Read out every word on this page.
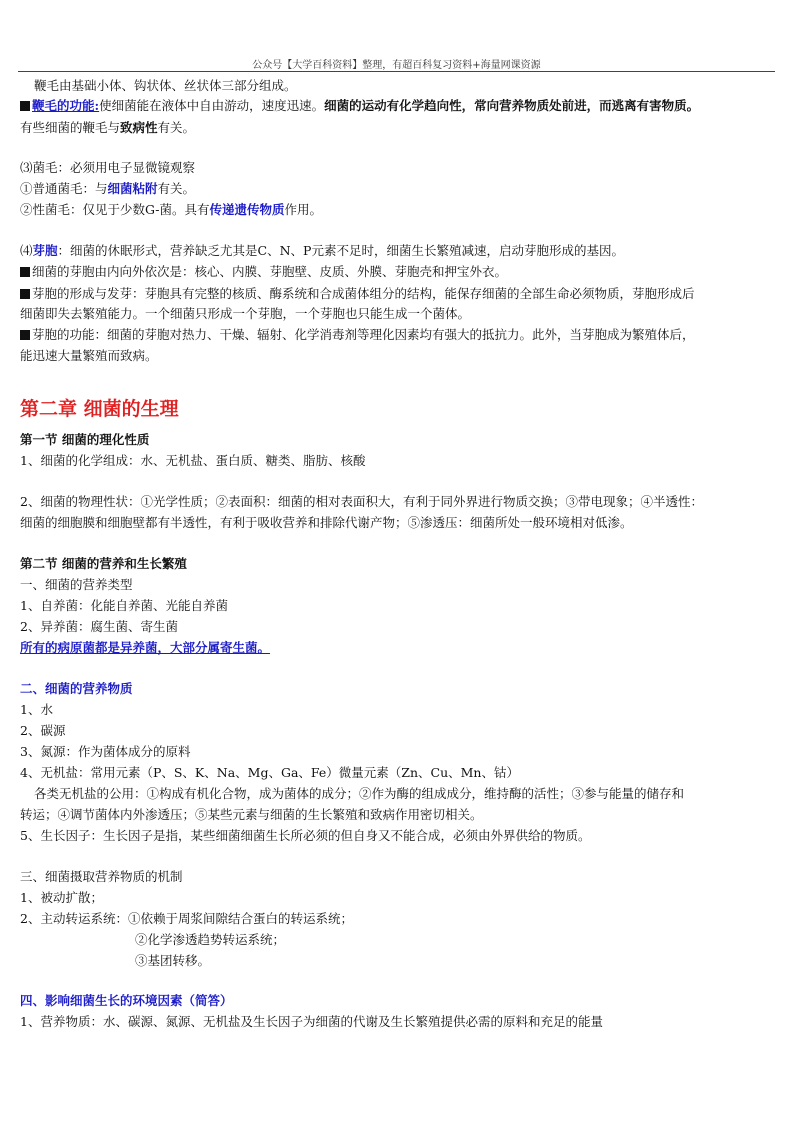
公众号【大学百科资料】整理，有超百科复习资料+海量网课资源
鞭毛由基础小体、钩状体、丝状体三部分组成。
鞭毛的功能:使细菌能在液体中自由游动，速度迅速。细菌的运动有化学趋向性，常向营养物质处前进，而逃离有害物质。
有些细菌的鞭毛与致病性有关。
⑶菌毛：必须用电子显微镜观察
①普通菌毛：与细菌粘附有关。
②性菌毛：仅见于少数G-菌。具有传递遗传物质作用。
⑷芽胞：细菌的休眠形式，营养缺乏尤其是C、N、P元素不足时，细菌生长繁殖减速，启动芽胞形成的基因。
细菌的芽胞由内向外依次是：核心、内膜、芽胞壁、皮质、外膜、芽胞壳和押宝外衣。
芽胞的形成与发芽：芽胞具有完整的核质、酶系统和合成菌体组分的结构，能保存细菌的全部生命必须物质，芽胞形成后
细菌即失去繁殖能力。一个细菌只形成一个芽胞，一个芽胞也只能生成一个菌体。
芽胞的功能：细菌的芽胞对热力、干燥、辐射、化学消毒剂等理化因素均有强大的抵抗力。此外，当芽胞成为繁殖体后，
能迅速大量繁殖而致病。
第二章 细菌的生理
第一节 细菌的理化性质
1、细菌的化学组成：水、无机盐、蛋白质、糖类、脂肪、核酸
2、细菌的物理性状：①光学性质；②表面积：细菌的相对表面积大，有利于同外界进行物质交换；③带电现象；④半透性：
细菌的细胞膜和细胞壁都有半透性，有利于吸收营养和排除代谢产物；⑤渗透压：细菌所处一般环境相对低渗。
第二节 细菌的营养和生长繁殖
一、细菌的营养类型
1、自养菌：化能自养菌、光能自养菌
2、异养菌：腐生菌、寄生菌
所有的病原菌都是异养菌，大部分属寄生菌。
二、细菌的营养物质
1、水
2、碳源
3、氮源：作为菌体成分的原料
4、无机盐：常用元素（P、S、K、Na、Mg、Ga、Fe）微量元素（Zn、Cu、Mn、钴）
各类无机盐的公用：①构成有机化合物，成为菌体的成分；②作为酶的组成成分，维持酶的活性；③参与能量的储存和
转运；④调节菌体内外渗透压；⑤某些元素与细菌的生长繁殖和致病作用密切相关。
5、生长因子：生长因子是指，某些细菌细菌生长所必须的但自身又不能合成，必须由外界供给的物质。
三、细菌摄取营养物质的机制
1、被动扩散；
2、主动转运系统：①依赖于周浆间隙结合蛋白的转运系统；
②化学渗透趋势转运系统；
③基团转移。
四、影响细菌生长的环境因素（简答）
1、营养物质：水、碳源、氮源、无机盐及生长因子为细菌的代谢及生长繁殖提供必需的原料和充足的能量
